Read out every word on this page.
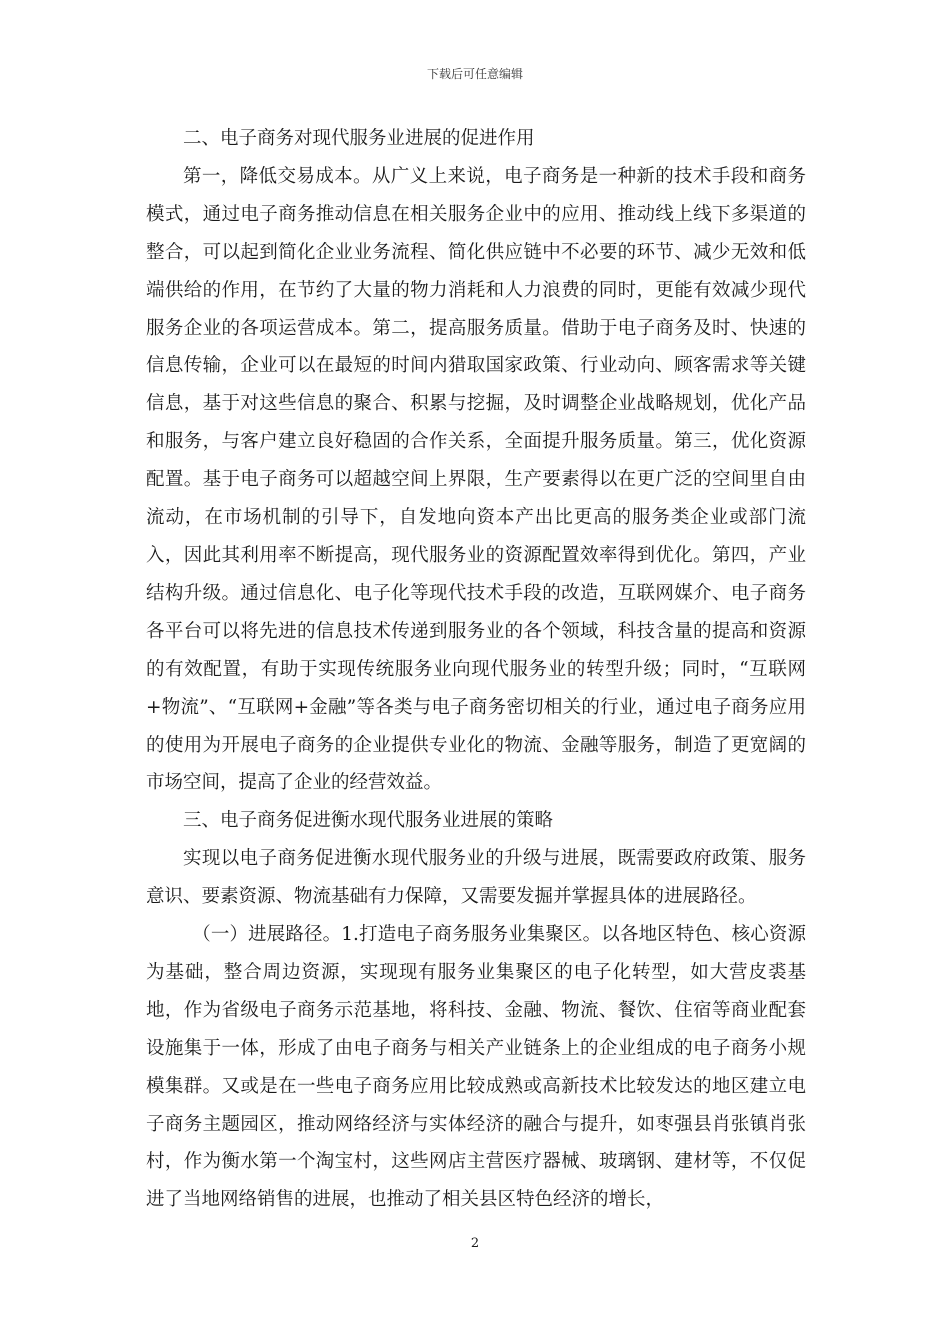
下载后可任意编辑

二、电子商务对现代服务业进展的促进作用

第一，降低交易成本。从广义上来说，电子商务是一种新的技术手段和商务模式，通过电子商务推动信息在相关服务企业中的应用、推动线上线下多渠道的整合，可以起到简化企业业务流程、简化供应链中不必要的环节、减少无效和低端供给的作用，在节约了大量的物力消耗和人力浪费的同时，更能有效减少现代服务企业的各项运营成本。第二，提高服务质量。借助于电子商务及时、快速的信息传输，企业可以在最短的时间内猎取国家政策、行业动向、顾客需求等关键信息，基于对这些信息的聚合、积累与挖掘，及时调整企业战略规划，优化产品和服务，与客户建立良好稳固的合作关系，全面提升服务质量。第三，优化资源配置。基于电子商务可以超越空间上界限，生产要素得以在更广泛的空间里自由流动，在市场机制的引导下，自发地向资本产出比更高的服务类企业或部门流入，因此其利用率不断提高，现代服务业的资源配置效率得到优化。第四，产业结构升级。通过信息化、电子化等现代技术手段的改造，互联网媒介、电子商务各平台可以将先进的信息技术传递到服务业的各个领域，科技含量的提高和资源的有效配置，有助于实现传统服务业向现代服务业的转型升级；同时，“互联网+物流”、“互联网+金融”等各类与电子商务密切相关的行业，通过电子商务应用的使用为开展电子商务的企业提供专业化的物流、金融等服务，制造了更宽阔的市场空间，提高了企业的经营效益。

三、电子商务促进衡水现代服务业进展的策略

实现以电子商务促进衡水现代服务业的升级与进展，既需要政府政策、服务意识、要素资源、物流基础有力保障，又需要发掘并掌握具体的进展路径。

（一）进展路径。1.打造电子商务服务业集聚区。以各地区特色、核心资源为基础，整合周边资源，实现现有服务业集聚区的电子化转型，如大营皮裘基地，作为省级电子商务示范基地，将科技、金融、物流、餐饮、住宿等商业配套设施集于一体，形成了由电子商务与相关产业链条上的企业组成的电子商务小规模集群。又或是在一些电子商务应用比较成熟或高新技术比较发达的地区建立电子商务主题园区，推动网络经济与实体经济的融合与提升，如枣强县肖张镇肖张村，作为衡水第一个淘宝村，这些网店主营医疗器械、玻璃钢、建材等，不仅促进了当地网络销售的进展，也推动了相关县区特色经济的增长，

2
